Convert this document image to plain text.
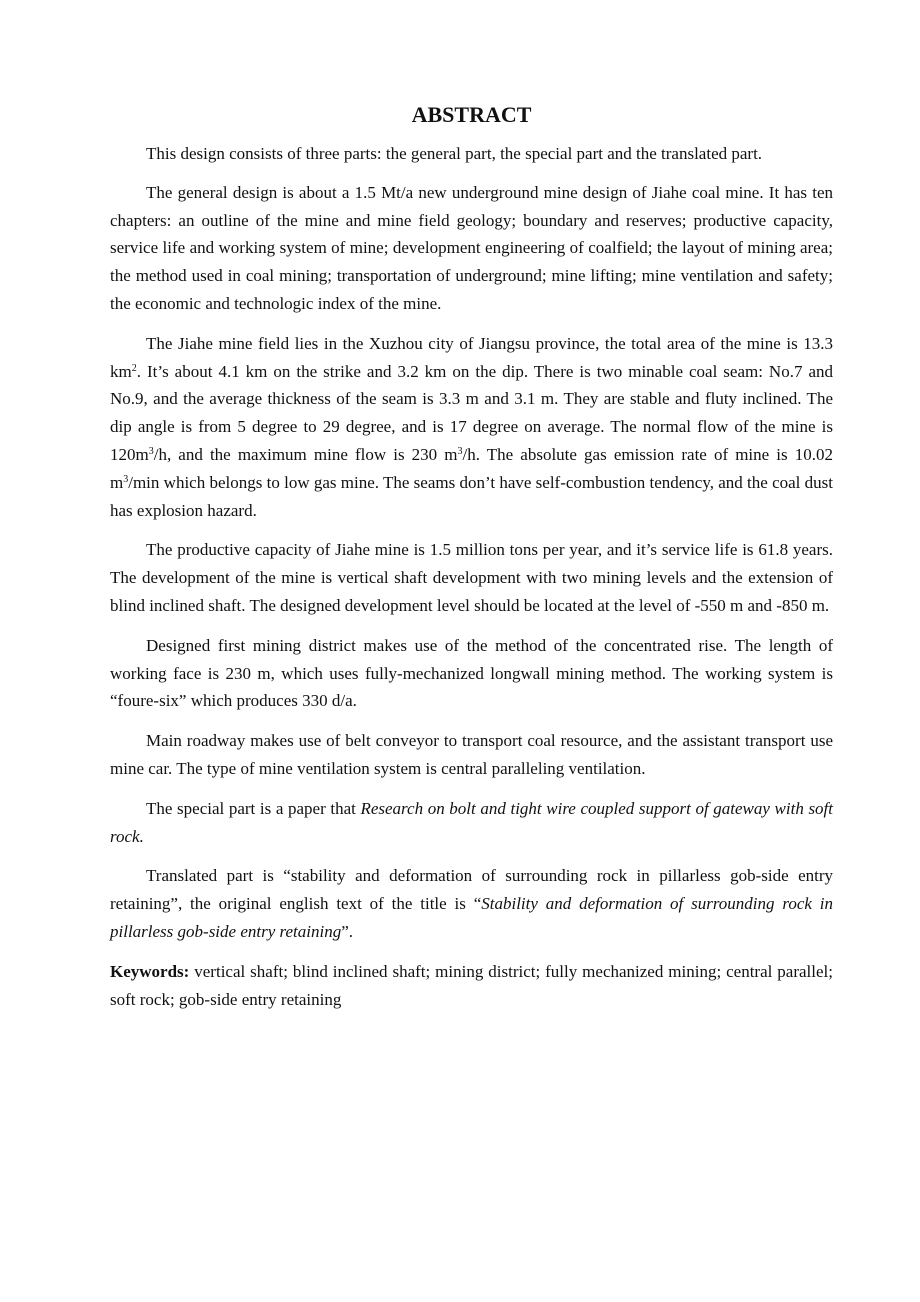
ABSTRACT

This design consists of three parts: the general part, the special part and the translated part.

The general design is about a 1.5 Mt/a new underground mine design of Jiahe coal mine. It has ten chapters: an outline of the mine and mine field geology; boundary and reserves; productive capacity, service life and working system of mine; development engineering of coalfield; the layout of mining area; the method used in coal mining; transportation of underground; mine lifting; mine ventilation and safety; the economic and technologic index of the mine.

The Jiahe mine field lies in the Xuzhou city of Jiangsu province, the total area of the mine is 13.3 $km^2$. It’s about 4.1 km on the strike and 3.2 km on the dip. There is two minable coal seam: No.7 and No.9, and the average thickness of the seam is 3.3 m and 3.1 m. They are stable and fluty inclined. The dip angle is from 5 degree to 29 degree, and is 17 degree on average. The normal flow of the mine is $120m^3/h$, and the maximum mine flow is 230 $m^3/h$. The absolute gas emission rate of mine is 10.02 $m^3/\min$ which belongs to low gas mine. The seams don’t have self-combustion tendency, and the coal dust has explosion hazard.

The productive capacity of Jiahe mine is 1.5 million tons per year, and it’s service life is 61.8 years. The development of the mine is vertical shaft development with two mining levels and the extension of blind inclined shaft. The designed development level should be located at the level of -550 m and -850 m.

Designed first mining district makes use of the method of the concentrated rise. The length of working face is 230 m, which uses fully-mechanized longwall mining method. The working system is “foure-six” which produces 330 d/a.

Main roadway makes use of belt conveyor to transport coal resource, and the assistant transport use mine car. The type of mine ventilation system is central paralleling ventilation.

The special part is a paper that Research on bolt and tight wire coupled support of gateway with soft rock.

Translated part is “stability and deformation of surrounding rock in pillarless gob-side entry retaining”, the original english text of the title is “Stability and deformation of surrounding rock in pillarless gob-side entry retaining”.

Keywords: vertical shaft; blind inclined shaft; mining district; fully mechanized mining; central parallel; soft rock; gob-side entry retaining
